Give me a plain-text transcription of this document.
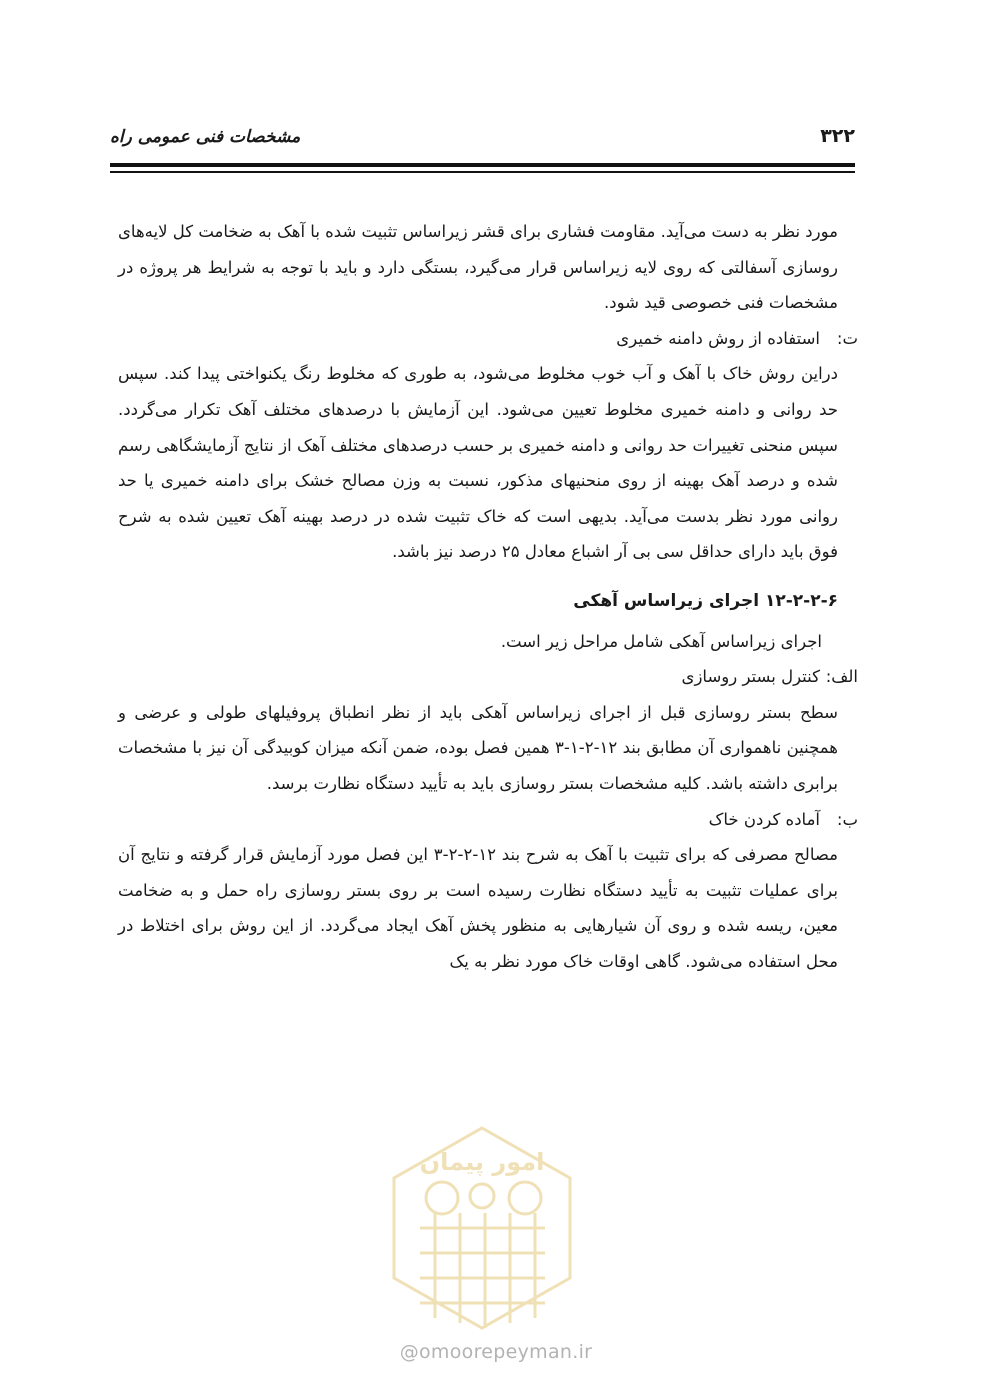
۳۲۲
مشخصات فنی عمومی راه

مورد نظر به دست می‌آید. مقاومت فشاری برای قشر زیراساس تثبیت شده با آهک به ضخامت کل لایه‌های روسازی آسفالتی که روی لایه زیراساس قرار می‌گیرد، بستگی دارد و باید با توجه به شرایط هر پروژه در مشخصات فنی خصوصی قید شود.

ت:
استفاده از روش دامنه خمیری

دراین روش خاک با آهک و آب خوب مخلوط می‌شود، به طوری که مخلوط رنگ یکنواختی پیدا کند. سپس حد روانی و دامنه خمیری مخلوط تعیین می‌شود. این آزمایش با درصدهای مختلف آهک تکرار می‌گردد. سپس منحنی تغییرات حد روانی و دامنه خمیری بر حسب درصدهای مختلف آهک از نتایج آزمایشگاهی رسم شده و درصد آهک بهینه از روی منحنیهای مذکور، نسبت به وزن مصالح خشک برای دامنه خمیری یا حد روانی مورد نظر بدست می‌آید. بدیهی است که خاک تثبیت شده در درصد بهینه آهک تعیین شده به شرح فوق باید دارای حداقل سی بی آر اشباع معادل ۲۵ درصد نیز باشد.

۱۲-۲-۲-۶ اجرای زیراساس آهکی

اجرای زیراساس آهکی شامل مراحل زیر است.

الف:
کنترل بستر روسازی

سطح بستر روسازی قبل از اجرای زیراساس آهکی باید از نظر انطباق پروفیلهای طولی و عرضی و همچنین ناهمواری آن مطابق بند ۱۲-۲-۱-۳ همین فصل بوده، ضمن آنکه میزان کوبیدگی آن نیز با مشخصات برابری داشته باشد. کلیه مشخصات بستر روسازی باید به تأیید دستگاه نظارت برسد.

ب:
آماده کردن خاک

مصالح مصرفی که برای تثبیت با آهک به شرح بند ۱۲-۲-۲-۳ این فصل مورد آزمایش قرار گرفته و نتایج آن برای عملیات تثبیت به تأیید دستگاه نظارت رسیده است بر روی بستر روسازی راه حمل و به ضخامت معین، ریسه شده و روی آن شیارهایی به منظور پخش آهک ایجاد می‌گردد. از این روش برای اختلاط در محل استفاده می‌شود. گاهی اوقات خاک مورد نظر به یک

امور پیمان
@omoorepeyman.ir
